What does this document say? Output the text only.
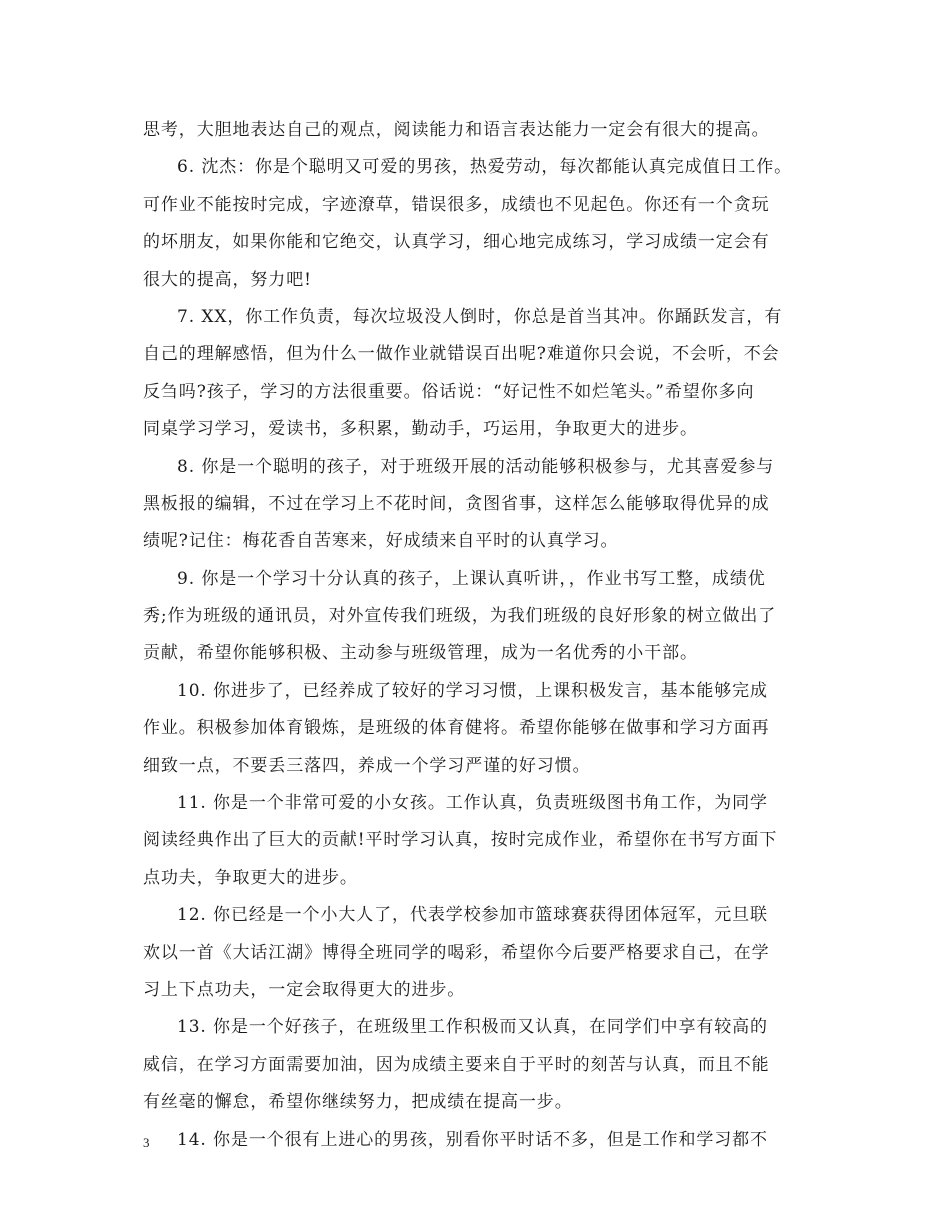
思考，大胆地表达自己的观点，阅读能力和语言表达能力一定会有很大的提高。
6. 沈杰：你是个聪明又可爱的男孩，热爱劳动，每次都能认真完成值日工作。
可作业不能按时完成，字迹潦草，错误很多，成绩也不见起色。你还有一个贪玩
的坏朋友，如果你能和它绝交，认真学习，细心地完成练习，学习成绩一定会有
很大的提高，努力吧!
7. XX，你工作负责，每次垃圾没人倒时，你总是首当其冲。你踊跃发言，有
自己的理解感悟，但为什么一做作业就错误百出呢?难道你只会说，不会听，不会
反刍吗?孩子，学习的方法很重要。俗话说：“好记性不如烂笔头。”希望你多向
同桌学习学习，爱读书，多积累，勤动手，巧运用，争取更大的进步。
8. 你是一个聪明的孩子，对于班级开展的活动能够积极参与，尤其喜爱参与
黑板报的编辑，不过在学习上不花时间，贪图省事，这样怎么能够取得优异的成
绩呢?记住：梅花香自苦寒来，好成绩来自平时的认真学习。
9. 你是一个学习十分认真的孩子，上课认真听讲，，作业书写工整，成绩优
秀;作为班级的通讯员，对外宣传我们班级，为我们班级的良好形象的树立做出了
贡献，希望你能够积极、主动参与班级管理，成为一名优秀的小干部。
10. 你进步了，已经养成了较好的学习习惯，上课积极发言，基本能够完成
作业。积极参加体育锻炼，是班级的体育健将。希望你能够在做事和学习方面再
细致一点，不要丢三落四，养成一个学习严谨的好习惯。
11. 你是一个非常可爱的小女孩。工作认真，负责班级图书角工作，为同学
阅读经典作出了巨大的贡献!平时学习认真，按时完成作业，希望你在书写方面下
点功夫，争取更大的进步。
12. 你已经是一个小大人了，代表学校参加市篮球赛获得团体冠军，元旦联
欢以一首《大话江湖》博得全班同学的喝彩，希望你今后要严格要求自己，在学
习上下点功夫，一定会取得更大的进步。
13. 你是一个好孩子，在班级里工作积极而又认真，在同学们中享有较高的
威信，在学习方面需要加油，因为成绩主要来自于平时的刻苦与认真，而且不能
有丝毫的懈怠，希望你继续努力，把成绩在提高一步。
14. 你是一个很有上进心的男孩，别看你平时话不多，但是工作和学习都不
3
